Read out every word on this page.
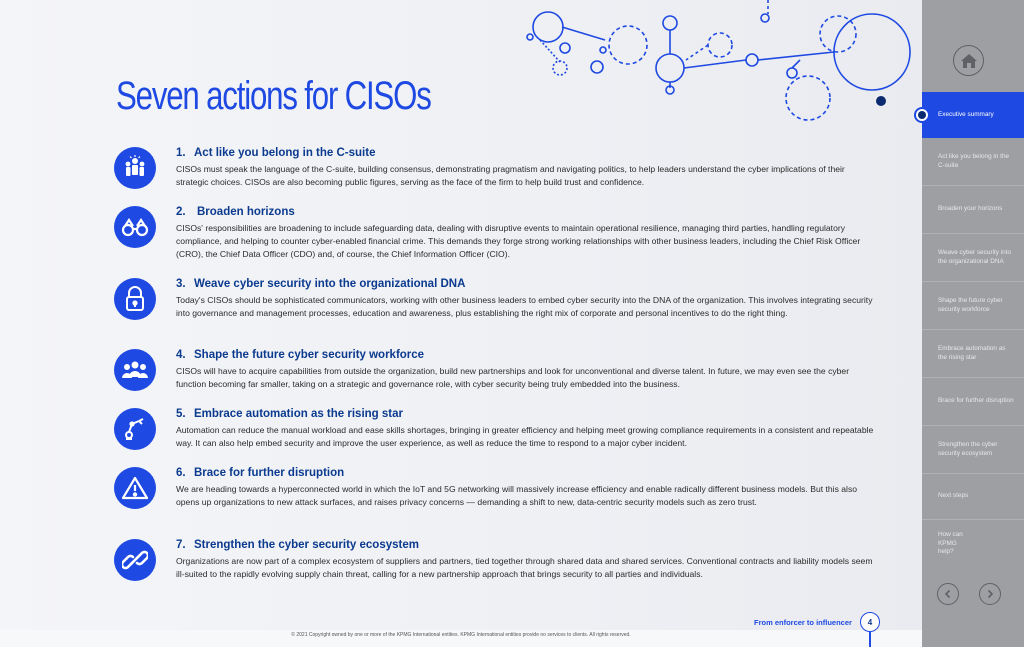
Seven actions for CISOs
1. Act like you belong in the C-suite

CISOs must speak the language of the C-suite, building consensus, demonstrating pragmatism and navigating politics, to help leaders understand the cyber implications of their strategic choices. CISOs are also becoming public figures, serving as the face of the firm to help build trust and confidence.

2. Broaden horizons

CISOs' responsibilities are broadening to include safeguarding data, dealing with disruptive events to maintain operational resilience, managing third parties, handling regulatory compliance, and helping to counter cyber-enabled financial crime. This demands they forge strong working relationships with other business leaders, including the Chief Risk Officer (CRO), the Chief Data Officer (CDO) and, of course, the Chief Information Officer (CIO).

3. Weave cyber security into the organizational DNA

Today's CISOs should be sophisticated communicators, working with other business leaders to embed cyber security into the DNA of the organization. This involves integrating security into governance and management processes, education and awareness, plus establishing the right mix of corporate and personal incentives to do the right thing.

4. Shape the future cyber security workforce

CISOs will have to acquire capabilities from outside the organization, build new partnerships and look for unconventional and diverse talent. In future, we may even see the cyber function becoming far smaller, taking on a strategic and governance role, with cyber security being truly embedded into the business.

5. Embrace automation as the rising star

Automation can reduce the manual workload and ease skills shortages, bringing in greater efficiency and helping meet growing compliance requirements in a consistent and repeatable way. It can also help embed security and improve the user experience, as well as reduce the time to respond to a major cyber incident.

6. Brace for further disruption

We are heading towards a hyperconnected world in which the IoT and 5G networking will massively increase efficiency and enable radically different business models. But this also opens up organizations to new attack surfaces, and raises privacy concerns — demanding a shift to new, data-centric security models such as zero trust.

7. Strengthen the cyber security ecosystem

Organizations are now part of a complex ecosystem of suppliers and partners, tied together through shared data and shared services. Conventional contracts and liability models seem ill-suited to the rapidly evolving supply chain threat, calling for a new partnership approach that brings security to all parties and individuals.

From enforcer to influencer	4
© 2021 Copyright owned by one or more of the KPMG International entities. KPMG International entities provide no services to clients. All rights reserved.
Executive summary
Act like you belong in the C-suite
Broaden your horizons
Weave cyber security into the organizational DNA
Shape the future cyber security workforce
Embrace automation as the rising star
Brace for further disruption
Strengthen the cyber security ecosystem
Next steps
How can KPMG help?
